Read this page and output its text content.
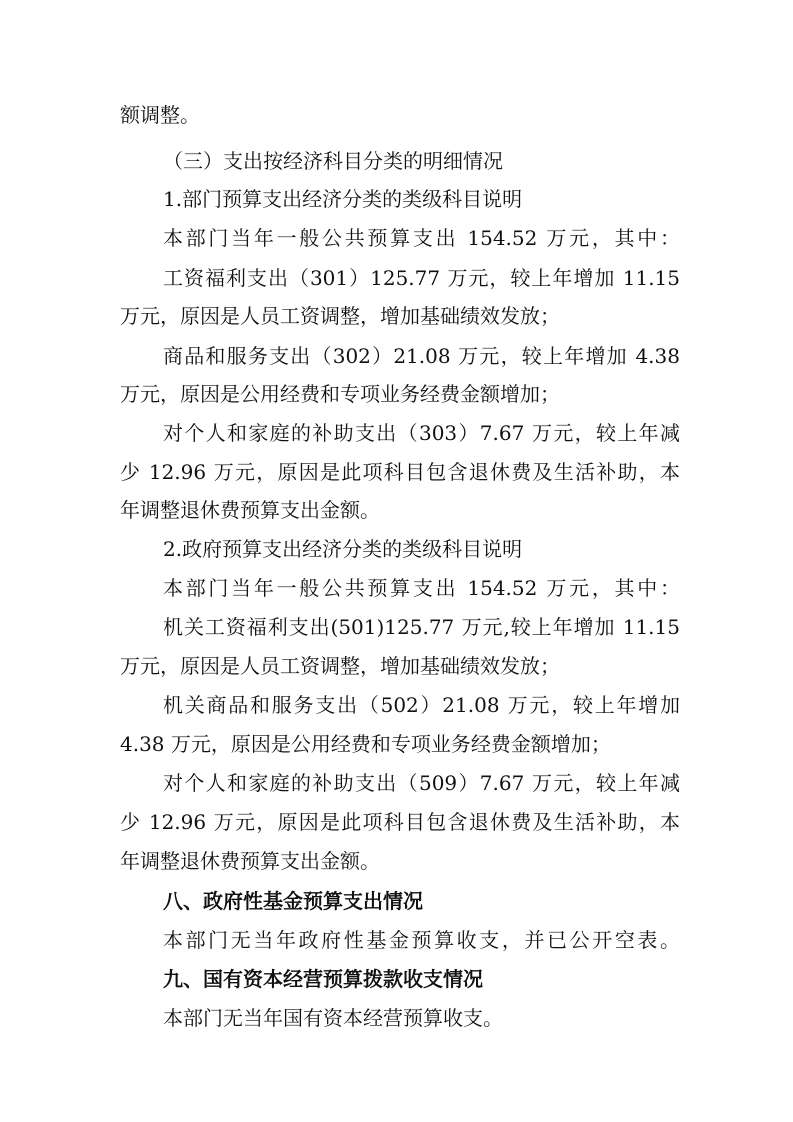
额调整。
（三）支出按经济科目分类的明细情况
1.部门预算支出经济分类的类级科目说明
本部门当年一般公共预算支出 154.52 万元，其中：
工资福利支出（301）125.77 万元，较上年增加 11.15
万元，原因是人员工资调整，增加基础绩效发放；
商品和服务支出（302）21.08 万元，较上年增加 4.38
万元，原因是公用经费和专项业务经费金额增加；
对个人和家庭的补助支出（303）7.67 万元，较上年减
少 12.96 万元，原因是此项科目包含退休费及生活补助，本
年调整退休费预算支出金额。
2.政府预算支出经济分类的类级科目说明
本部门当年一般公共预算支出 154.52 万元，其中：
机关工资福利支出(501)125.77 万元,较上年增加 11.15
万元，原因是人员工资调整，增加基础绩效发放；
机关商品和服务支出（502）21.08 万元，较上年增加
4.38 万元，原因是公用经费和专项业务经费金额增加；
对个人和家庭的补助支出（509）7.67 万元，较上年减
少 12.96 万元，原因是此项科目包含退休费及生活补助，本
年调整退休费预算支出金额。
八、政府性基金预算支出情况
本部门无当年政府性基金预算收支，并已公开空表。
九、国有资本经营预算拨款收支情况
本部门无当年国有资本经营预算收支。
